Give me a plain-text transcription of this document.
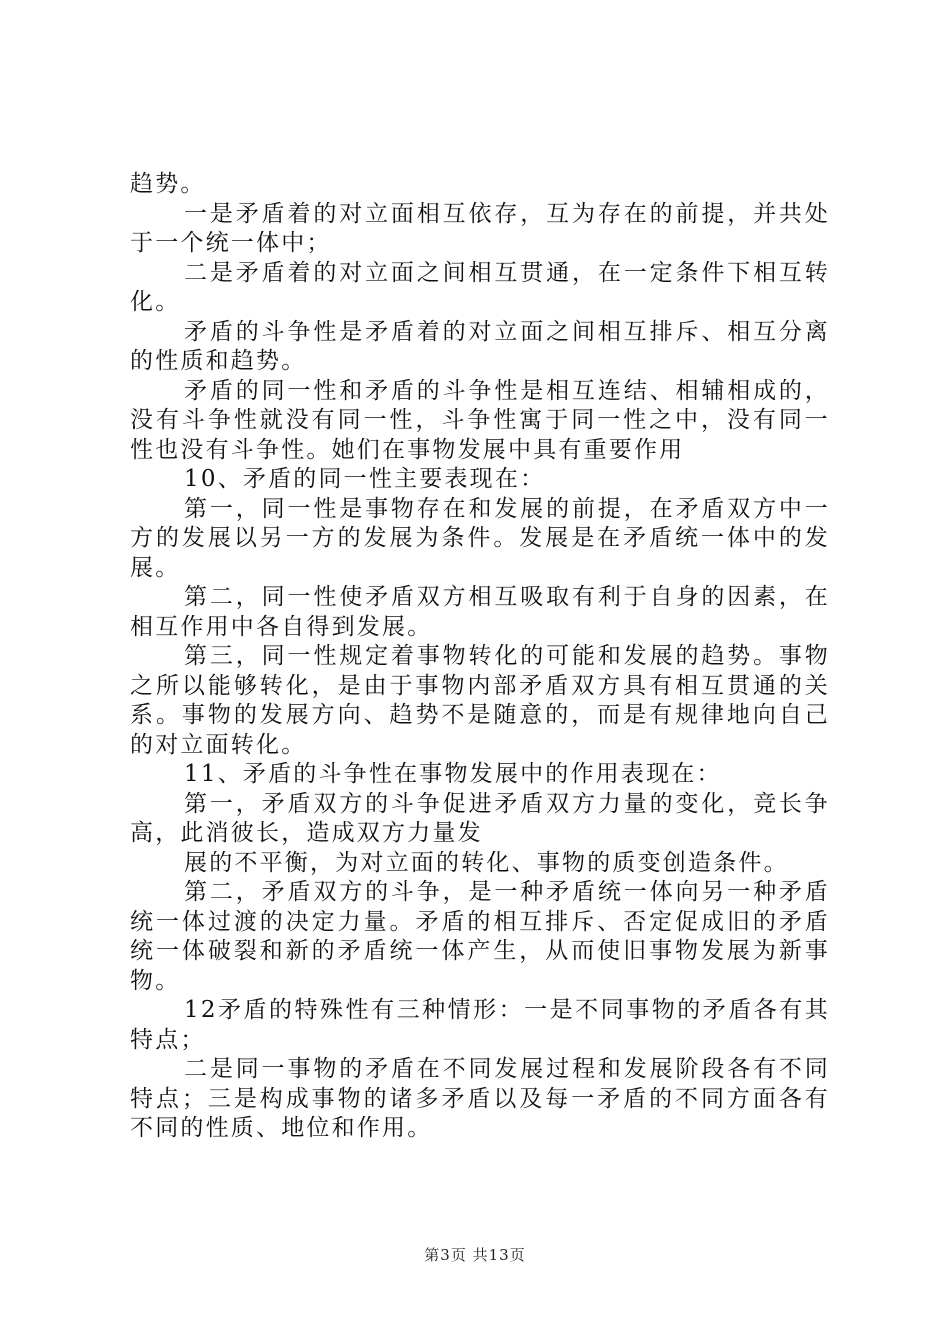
趋势。

一是矛盾着的对立面相互依存，互为存在的前提，并共处于一个统一体中；

二是矛盾着的对立面之间相互贯通，在一定条件下相互转化。

矛盾的斗争性是矛盾着的对立面之间相互排斥、相互分离的性质和趋势。

矛盾的同一性和矛盾的斗争性是相互连结、相辅相成的，没有斗争性就没有同一性，斗争性寓于同一性之中，没有同一性也没有斗争性。她们在事物发展中具有重要作用

10、矛盾的同一性主要表现在：

第一，同一性是事物存在和发展的前提，在矛盾双方中一方的发展以另一方的发展为条件。发展是在矛盾统一体中的发展。

第二，同一性使矛盾双方相互吸取有利于自身的因素，在相互作用中各自得到发展。

第三，同一性规定着事物转化的可能和发展的趋势。事物之所以能够转化，是由于事物内部矛盾双方具有相互贯通的关系。事物的发展方向、趋势不是随意的，而是有规律地向自己的对立面转化。

11、矛盾的斗争性在事物发展中的作用表现在：

第一，矛盾双方的斗争促进矛盾双方力量的变化，竞长争高，此消彼长，造成双方力量发

展的不平衡，为对立面的转化、事物的质变创造条件。

第二，矛盾双方的斗争，是一种矛盾统一体向另一种矛盾统一体过渡的决定力量。矛盾的相互排斥、否定促成旧的矛盾统一体破裂和新的矛盾统一体产生，从而使旧事物发展为新事物。

12矛盾的特殊性有三种情形：一是不同事物的矛盾各有其特点；

二是同一事物的矛盾在不同发展过程和发展阶段各有不同特点；三是构成事物的诸多矛盾以及每一矛盾的不同方面各有不同的性质、地位和作用。

第3页 共13页
